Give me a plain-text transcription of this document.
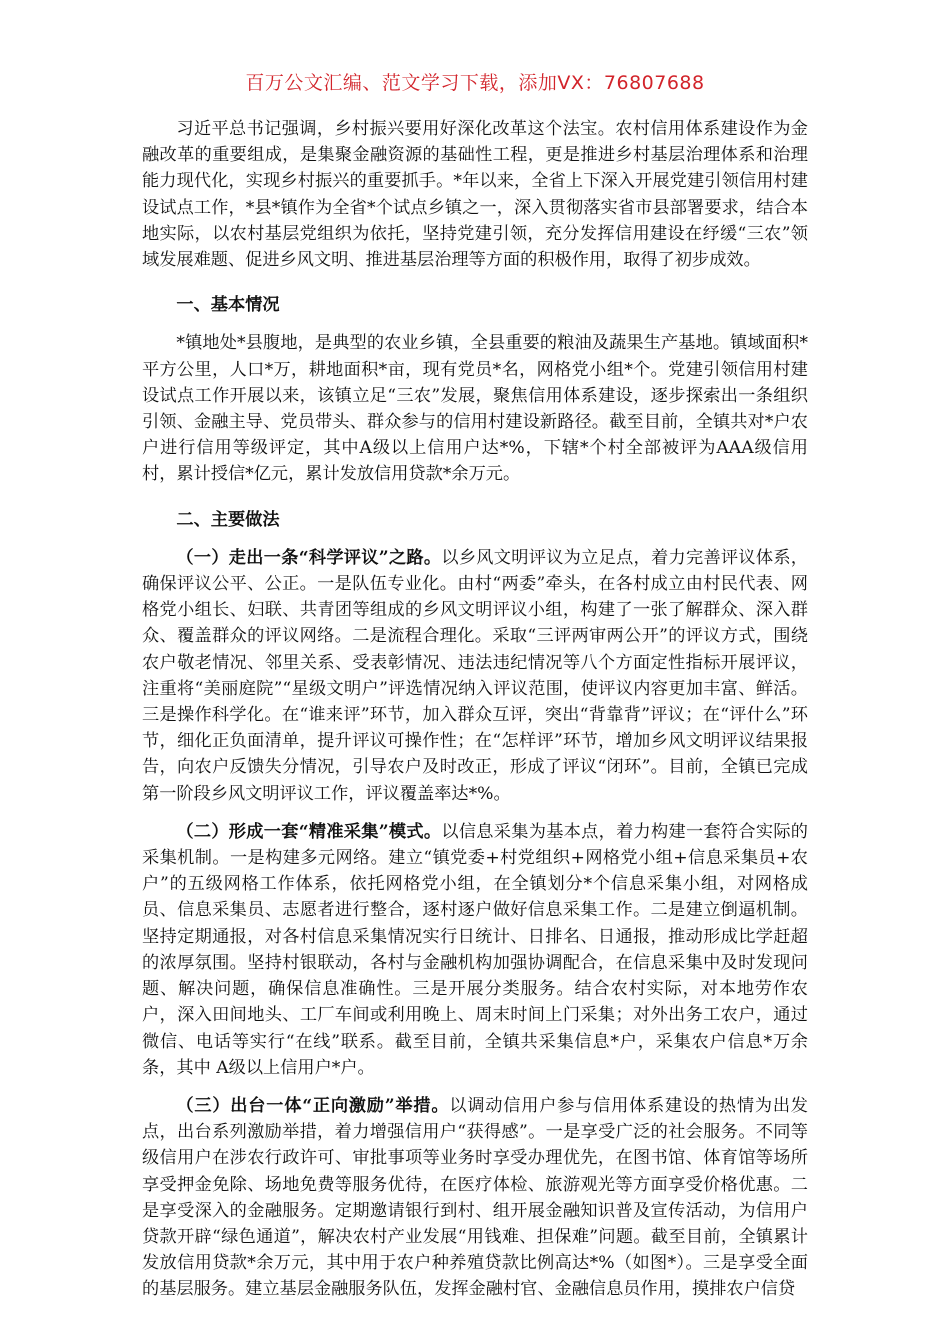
百万公文汇编、范文学习下载，添加VX：76807688

习近平总书记强调，乡村振兴要用好深化改革这个法宝。农村信用体系建设作为金融改革的重要组成，是集聚金融资源的基础性工程，更是推进乡村基层治理体系和治理能力现代化，实现乡村振兴的重要抓手。*年以来，全省上下深入开展党建引领信用村建设试点工作，*县*镇作为全省*个试点乡镇之一，深入贯彻落实省市县部署要求，结合本地实际，以农村基层党组织为依托，坚持党建引领，充分发挥信用建设在纾缓“三农”领域发展难题、促进乡风文明、推进基层治理等方面的积极作用，取得了初步成效。

一、基本情况

*镇地处*县腹地，是典型的农业乡镇，全县重要的粮油及蔬果生产基地。镇域面积*平方公里，人口*万，耕地面积*亩，现有党员*名，网格党小组*个。党建引领信用村建设试点工作开展以来，该镇立足“三农”发展，聚焦信用体系建设，逐步探索出一条组织引领、金融主导、党员带头、群众参与的信用村建设新路径。截至目前，全镇共对*户农户进行信用等级评定，其中A级以上信用户达*%，下辖*个村全部被评为AAA级信用村，累计授信*亿元，累计发放信用贷款*余万元。

二、主要做法

（一）走出一条“科学评议”之路。以乡风文明评议为立足点，着力完善评议体系，确保评议公平、公正。一是队伍专业化。由村“两委”牵头，在各村成立由村民代表、网格党小组长、妇联、共青团等组成的乡风文明评议小组，构建了一张了解群众、深入群众、覆盖群众的评议网络。二是流程合理化。采取“三评两审两公开”的评议方式，围绕农户敬老情况、邻里关系、受表彰情况、违法违纪情况等八个方面定性指标开展评议，注重将“美丽庭院”“星级文明户”评选情况纳入评议范围，使评议内容更加丰富、鲜活。三是操作科学化。在“谁来评”环节，加入群众互评，突出“背靠背”评议；在“评什么”环节，细化正负面清单，提升评议可操作性；在“怎样评”环节，增加乡风文明评议结果报告，向农户反馈失分情况，引导农户及时改正，形成了评议“闭环”。目前，全镇已完成第一阶段乡风文明评议工作，评议覆盖率达*%。

（二）形成一套“精准采集”模式。以信息采集为基本点，着力构建一套符合实际的采集机制。一是构建多元网络。建立“镇党委+村党组织+网格党小组+信息采集员+农户”的五级网格工作体系，依托网格党小组，在全镇划分*个信息采集小组，对网格成员、信息采集员、志愿者进行整合，逐村逐户做好信息采集工作。二是建立倒逼机制。坚持定期通报，对各村信息采集情况实行日统计、日排名、日通报，推动形成比学赶超的浓厚氛围。坚持村银联动，各村与金融机构加强协调配合，在信息采集中及时发现问题、解决问题，确保信息准确性。三是开展分类服务。结合农村实际，对本地劳作农户，深入田间地头、工厂车间或利用晚上、周末时间上门采集；对外出务工农户，通过微信、电话等实行“在线”联系。截至目前，全镇共采集信息*户，采集农户信息*万余条，其中 A级以上信用户*户。

（三）出台一体“正向激励”举措。以调动信用户参与信用体系建设的热情为出发点，出台系列激励举措，着力增强信用户“获得感”。一是享受广泛的社会服务。不同等级信用户在涉农行政许可、审批事项等业务时享受办理优先，在图书馆、体育馆等场所享受押金免除、场地免费等服务优待，在医疗体检、旅游观光等方面享受价格优惠。二是享受深入的金融服务。定期邀请银行到村、组开展金融知识普及宣传活动，为信用户贷款开辟“绿色通道”，解决农村产业发展“用钱难、担保难”问题。截至目前，全镇累计发放信用贷款*余万元，其中用于农户种养殖贷款比例高达*%（如图*）。三是享受全面的基层服务。建立基层金融服务队伍，发挥金融村官、金融信息员作用，摸排农户信贷
